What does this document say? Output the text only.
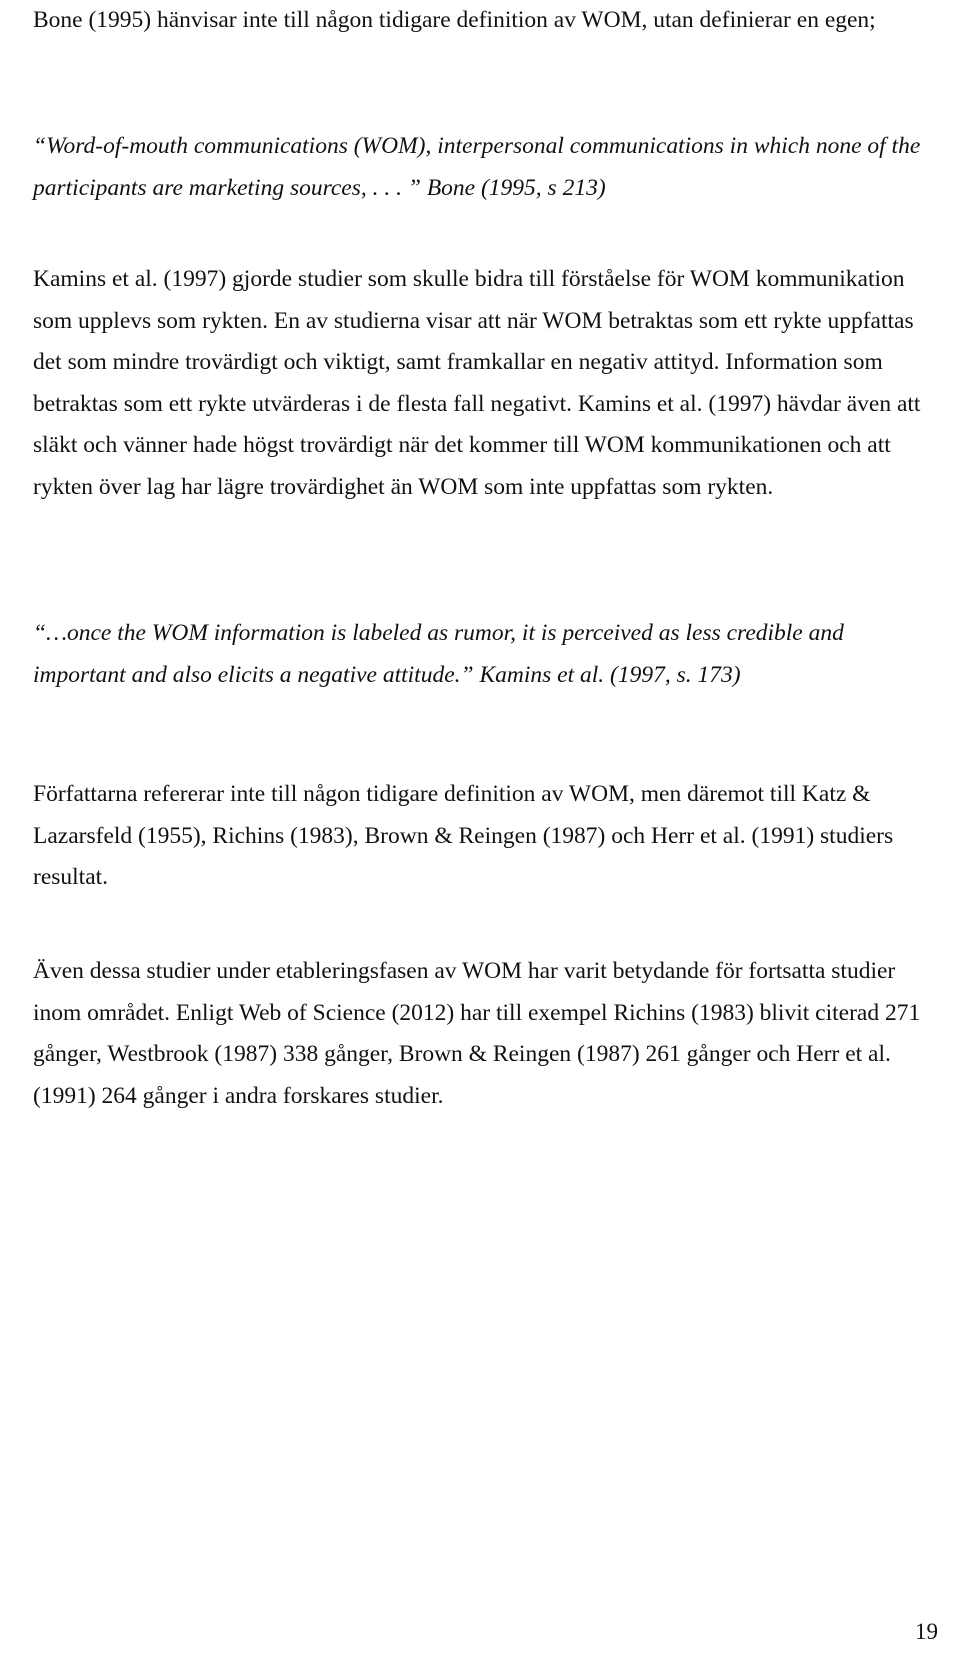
Bone (1995) hänvisar inte till någon tidigare definition av WOM, utan definierar en egen;

“Word-of-mouth communications (WOM), interpersonal communications in which none of the participants are marketing sources, . . . ” Bone (1995, s 213)

Kamins et al. (1997) gjorde studier som skulle bidra till förståelse för WOM kommunikation som upplevs som rykten. En av studierna visar att när WOM betraktas som ett rykte uppfattas det som mindre trovärdigt och viktigt, samt framkallar en negativ attityd. Information som betraktas som ett rykte utvärderas i de flesta fall negativt. Kamins et al. (1997) hävdar även att släkt och vänner hade högst trovärdigt när det kommer till WOM kommunikationen och att rykten över lag har lägre trovärdighet än WOM som inte uppfattas som rykten.

“…once the WOM information is labeled as rumor, it is perceived as less credible and important and also elicits a negative attitude.” Kamins et al. (1997, s. 173)

Författarna refererar inte till någon tidigare definition av WOM, men däremot till Katz & Lazarsfeld (1955), Richins (1983), Brown & Reingen (1987) och Herr et al. (1991) studiers resultat.

Även dessa studier under etableringsfasen av WOM har varit betydande för fortsatta studier inom området. Enligt Web of Science (2012) har till exempel Richins (1983) blivit citerad 271 gånger, Westbrook (1987) 338 gånger, Brown & Reingen (1987) 261 gånger och Herr et al. (1991) 264 gånger i andra forskares studier.

19
